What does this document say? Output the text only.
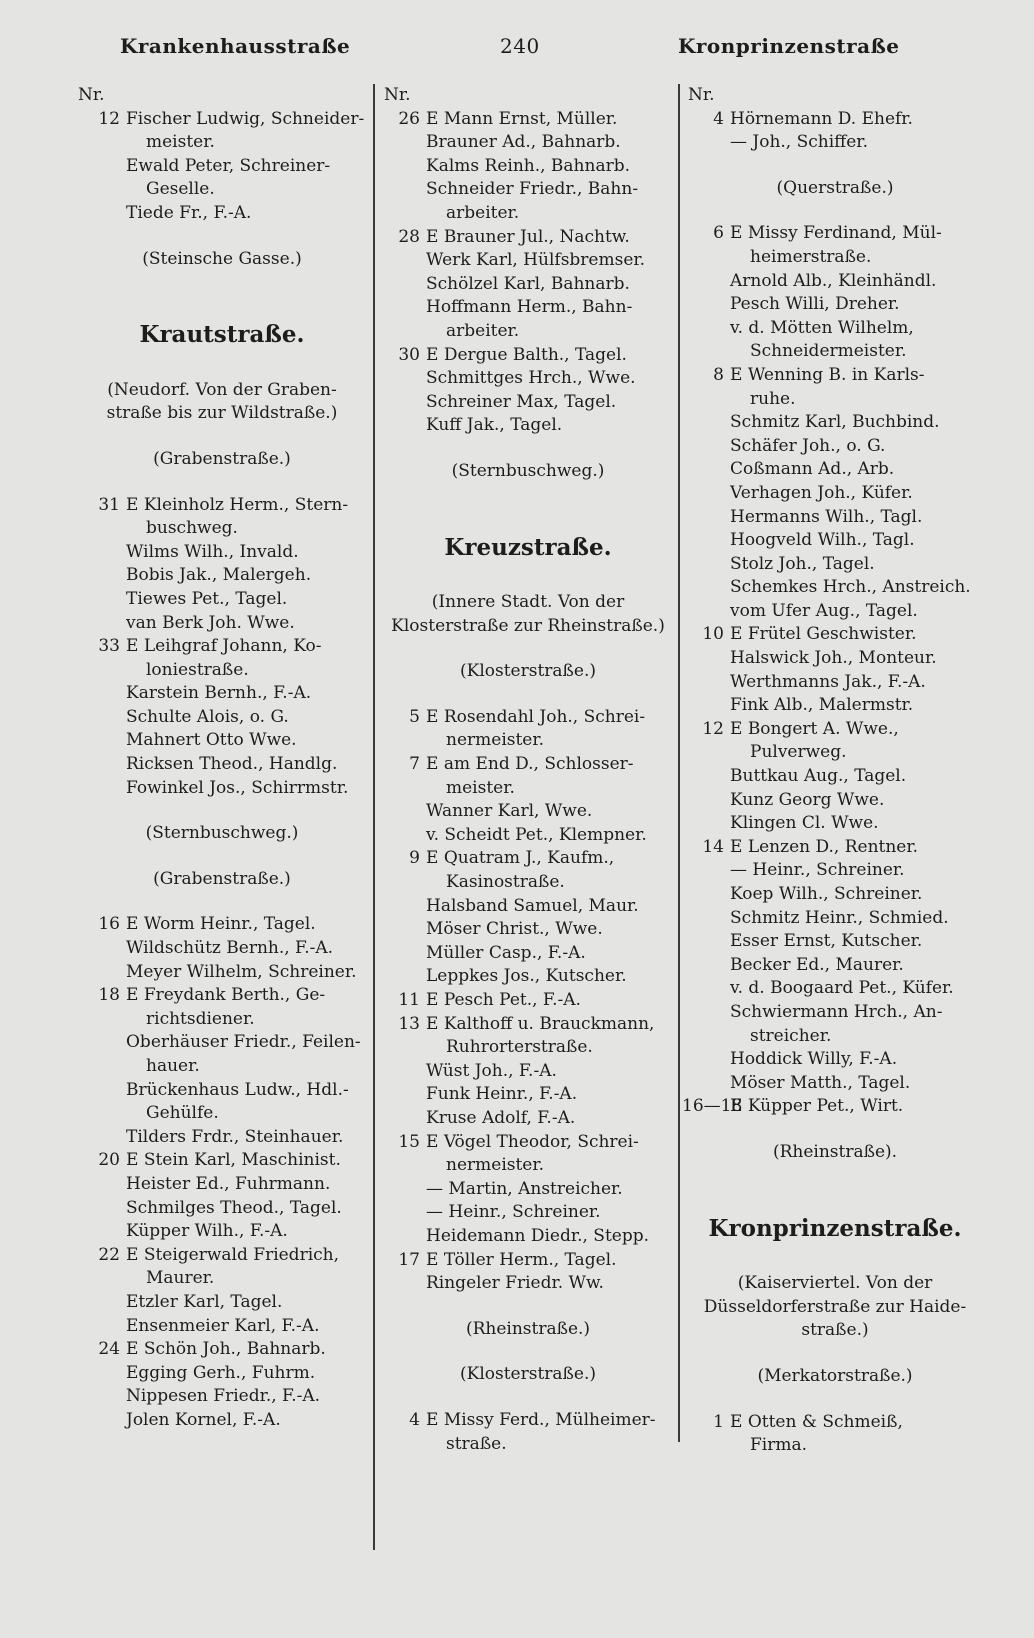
Krankenhausstraße	240	Kronprinzenstraße
Nr.
12 Fischer Ludwig, Schneider-
meister.
Ewald Peter, Schreiner-
Geselle.
Tiede Fr., F.-A.
(Steinsche Gasse.)
Krautstraße.
(Neudorf. Von der Graben-
straße bis zur Wildstraße.)
(Grabenstraße.)
31 E Kleinholz Herm., Stern-
buschweg.
Wilms Wilh., Invald.
Bobis Jak., Malergeh.
Tiewes Pet., Tagel.
van Berk Joh. Wwe.
33 E Leihgraf Johann, Ko-
loniestraße.
Karstein Bernh., F.-A.
Schulte Alois, o. G.
Mahnert Otto Wwe.
Ricksen Theod., Handlg.
Fowinkel Jos., Schirrmstr.
(Sternbuschweg.)
(Grabenstraße.)
16 E Worm Heinr., Tagel.
Wildschütz Bernh., F.-A.
Meyer Wilhelm, Schreiner.
18 E Freydank Berth., Ge-
richtsdiener.
Oberhäuser Friedr., Feilen-
hauer.
Brückenhaus Ludw., Hdl.-
Gehülfe.
Tilders Frdr., Steinhauer.
20 E Stein Karl, Maschinist.
Heister Ed., Fuhrmann.
Schmilges Theod., Tagel.
Küpper Wilh., F.-A.
22 E Steigerwald Friedrich,
Maurer.
Etzler Karl, Tagel.
Ensenmeier Karl, F.-A.
24 E Schön Joh., Bahnarb.
Egging Gerh., Fuhrm.
Nippesen Friedr., F.-A.
Jolen Kornel, F.-A.
Nr.
26 E Mann Ernst, Müller.
Brauner Ad., Bahnarb.
Kalms Reinh., Bahnarb.
Schneider Friedr., Bahn-
arbeiter.
28 E Brauner Jul., Nachtw.
Werk Karl, Hülfsbremser.
Schölzel Karl, Bahnarb.
Hoffmann Herm., Bahn-
arbeiter.
30 E Dergue Balth., Tagel.
Schmittges Hrch., Wwe.
Schreiner Max, Tagel.
Kuff Jak., Tagel.
(Sternbuschweg.)
Kreuzstraße.
(Innere Stadt. Von der
Klosterstraße zur Rheinstraße.)
(Klosterstraße.)
5 E Rosendahl Joh., Schrei-
nermeister.
7 E am End D., Schlosser-
meister.
Wanner Karl, Wwe.
v. Scheidt Pet., Klempner.
9 E Quatram J., Kaufm.,
Kasinostraße.
Halsband Samuel, Maur.
Möser Christ., Wwe.
Müller Casp., F.-A.
Leppkes Jos., Kutscher.
11 E Pesch Pet., F.-A.
13 E Kalthoff u. Brauckmann,
Ruhrorterstraße.
Wüst Joh., F.-A.
Funk Heinr., F.-A.
Kruse Adolf, F.-A.
15 E Vögel Theodor, Schrei-
nermeister.
— Martin, Anstreicher.
— Heinr., Schreiner.
Heidemann Diedr., Stepp.
17 E Töller Herm., Tagel.
Ringeler Friedr. Ww.
(Rheinstraße.)
(Klosterstraße.)
4 E Missy Ferd., Mülheimer-
straße.
Nr.
4 Hörnemann D. Ehefr.
— Joh., Schiffer.
(Querstraße.)
6 E Missy Ferdinand, Mül-
heimerstraße.
Arnold Alb., Kleinhändl.
Pesch Willi, Dreher.
v. d. Mötten Wilhelm,
Schneidermeister.
8 E Wenning B. in Karls-
ruhe.
Schmitz Karl, Buchbind.
Schäfer Joh., o. G.
Coßmann Ad., Arb.
Verhagen Joh., Küfer.
Hermanns Wilh., Tagl.
Hoogveld Wilh., Tagl.
Stolz Joh., Tagel.
Schemkes Hrch., Anstreich.
vom Ufer Aug., Tagel.
10 E Frütel Geschwister.
Halswick Joh., Monteur.
Werthmanns Jak., F.-A.
Fink Alb., Malermstr.
12 E Bongert A. Wwe.,
Pulverweg.
Buttkau Aug., Tagel.
Kunz Georg Wwe.
Klingen Cl. Wwe.
14 E Lenzen D., Rentner.
— Heinr., Schreiner.
Koep Wilh., Schreiner.
Schmitz Heinr., Schmied.
Esser Ernst, Kutscher.
Becker Ed., Maurer.
v. d. Boogaard Pet., Küfer.
Schwiermann Hrch., An-
streicher.
Hoddick Willy, F.-A.
Möser Matth., Tagel.
16—18
E Küpper Pet., Wirt.
(Rheinstraße).
Kronprinzenstraße.
(Kaiserviertel. Von der
Düsseldorferstraße zur Haide-
straße.)
(Merkatorstraße.)
1 E Otten & Schmeiß,
Firma.
